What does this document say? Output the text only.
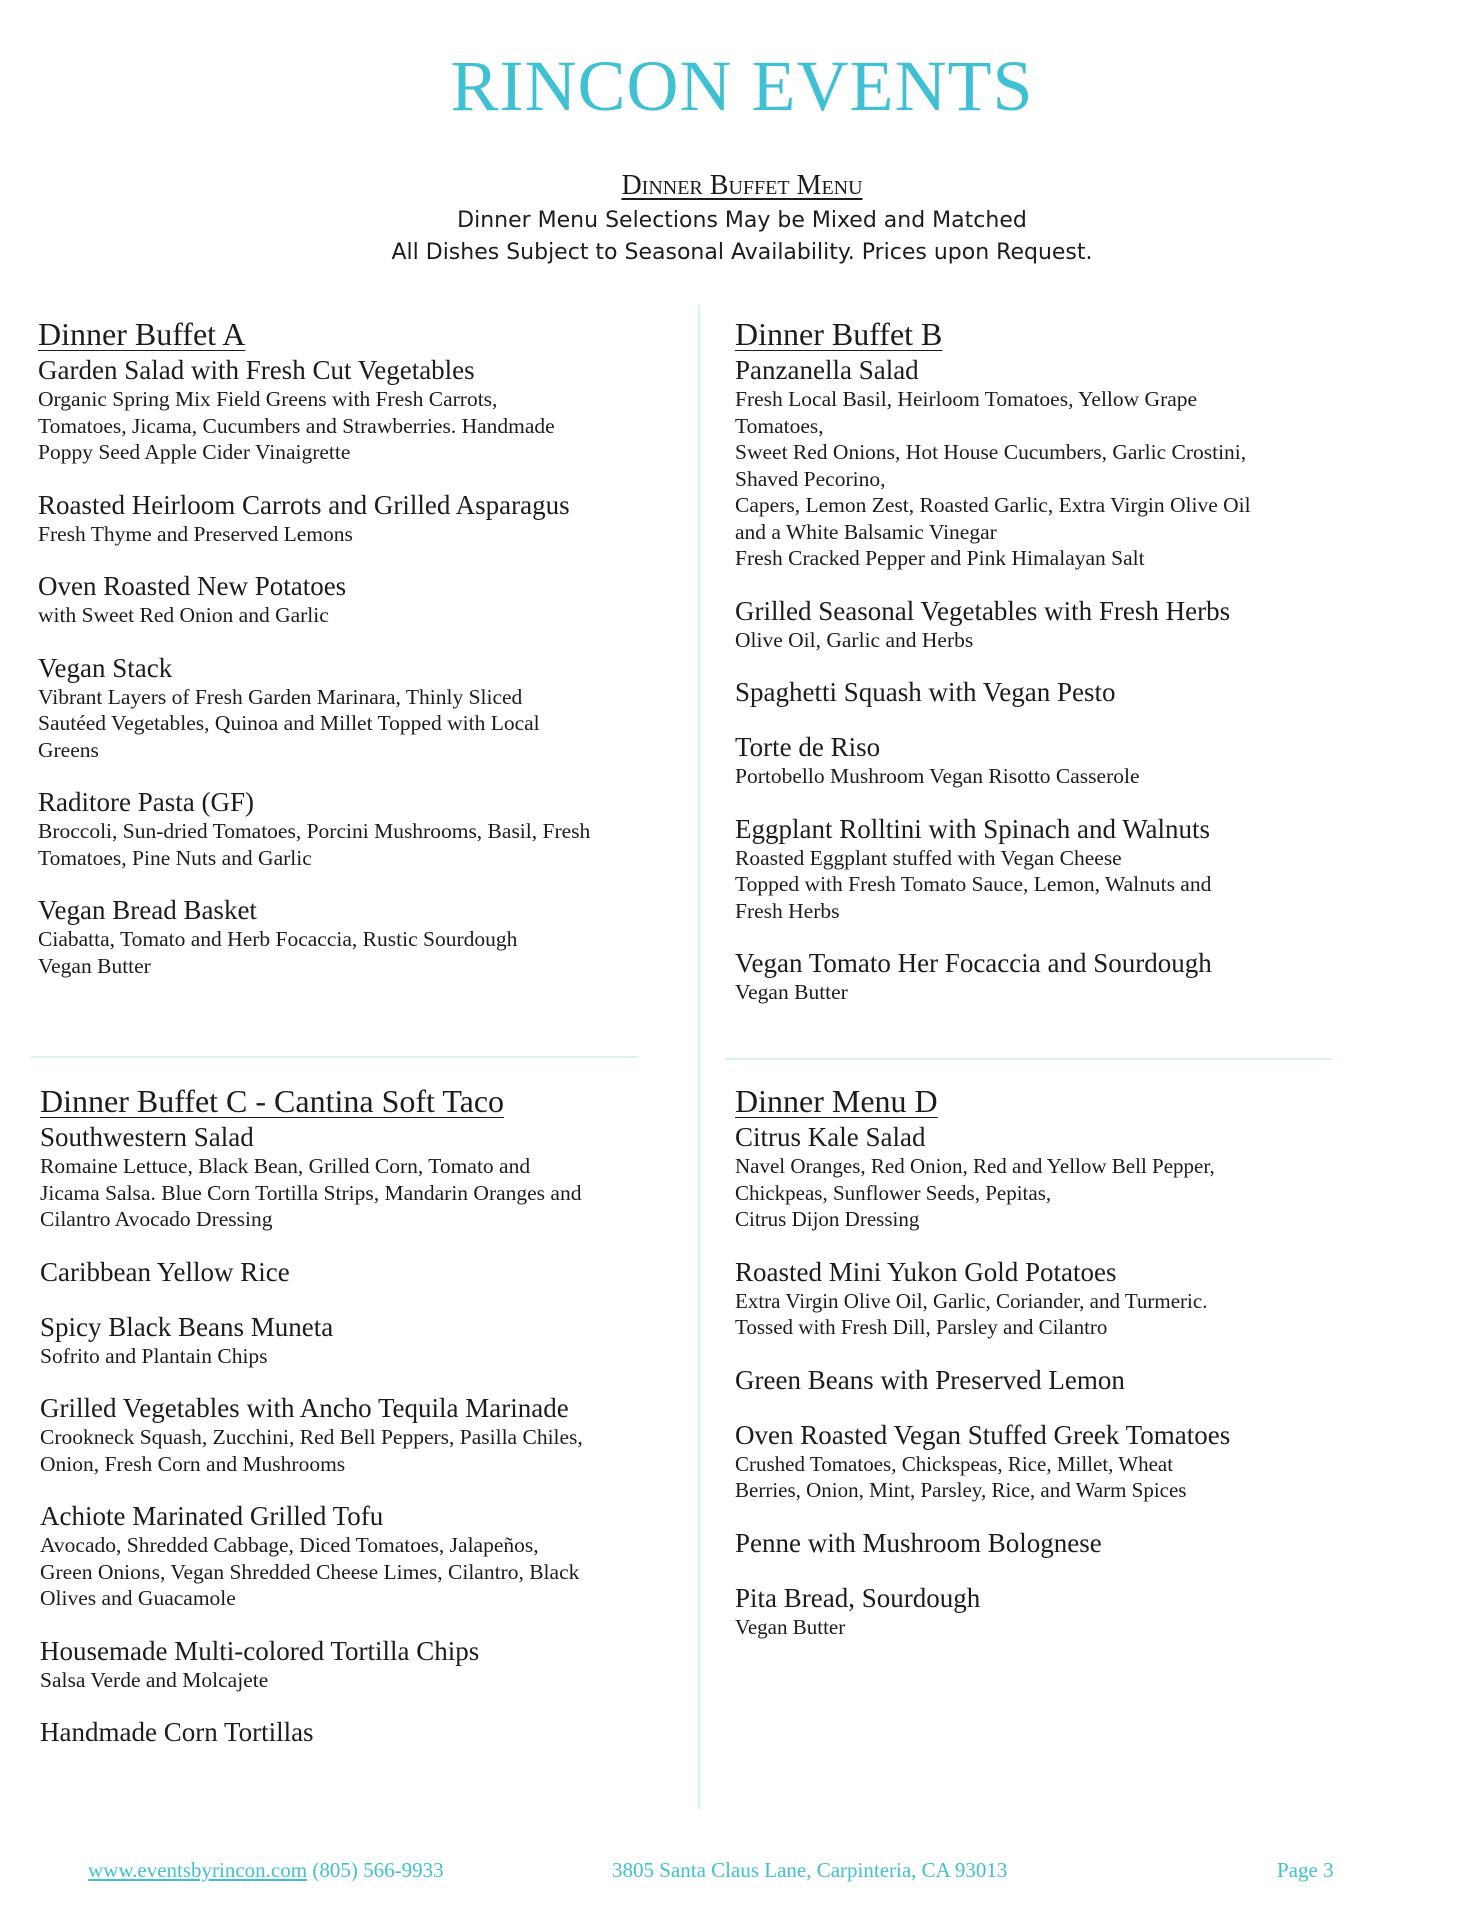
RINCON EVENTS
Dinner Buffet Menu
Dinner Menu Selections May be Mixed and Matched
All Dishes Subject to Seasonal Availability. Prices upon Request.
Dinner Buffet A
Garden Salad with Fresh Cut Vegetables
Organic Spring Mix Field Greens with Fresh Carrots,
Tomatoes, Jicama, Cucumbers and Strawberries. Handmade
Poppy Seed Apple Cider Vinaigrette
Roasted Heirloom Carrots and Grilled Asparagus
Fresh Thyme and Preserved Lemons
Oven Roasted New Potatoes
with Sweet Red Onion and Garlic
Vegan Stack
Vibrant Layers of Fresh Garden Marinara, Thinly Sliced
Sautéed Vegetables, Quinoa and Millet Topped with Local
Greens
Raditore Pasta (GF)
Broccoli, Sun-dried Tomatoes, Porcini Mushrooms, Basil, Fresh
Tomatoes, Pine Nuts and Garlic
Vegan Bread Basket
Ciabatta, Tomato and Herb Focaccia, Rustic Sourdough
Vegan Butter
Dinner Buffet B
Panzanella Salad
Fresh Local Basil, Heirloom Tomatoes, Yellow Grape
Tomatoes,
Sweet Red Onions, Hot House Cucumbers, Garlic Crostini,
Shaved Pecorino,
Capers, Lemon Zest, Roasted Garlic, Extra Virgin Olive Oil
and a White Balsamic Vinegar
Fresh Cracked Pepper and Pink Himalayan Salt
Grilled Seasonal Vegetables with Fresh Herbs
Olive Oil, Garlic and Herbs
Spaghetti Squash with Vegan Pesto
Torte de Riso
Portobello Mushroom Vegan Risotto Casserole
Eggplant Rolltini with Spinach and Walnuts
Roasted Eggplant stuffed with Vegan Cheese
Topped with Fresh Tomato Sauce, Lemon, Walnuts and
Fresh Herbs
Vegan Tomato Her Focaccia and Sourdough
Vegan Butter
Dinner Buffet C - Cantina Soft Taco
Southwestern Salad
Romaine Lettuce, Black Bean, Grilled Corn, Tomato and
Jicama Salsa. Blue Corn Tortilla Strips, Mandarin Oranges and
Cilantro Avocado Dressing
Caribbean Yellow Rice
Spicy Black Beans Muneta
Sofrito and Plantain Chips
Grilled Vegetables with Ancho Tequila Marinade
Crookneck Squash, Zucchini, Red Bell Peppers, Pasilla Chiles,
Onion, Fresh Corn and Mushrooms
Achiote Marinated Grilled Tofu
Avocado, Shredded Cabbage, Diced Tomatoes, Jalapeños,
Green Onions, Vegan Shredded Cheese Limes, Cilantro, Black
Olives and Guacamole
Housemade Multi-colored Tortilla Chips
Salsa Verde and Molcajete
Handmade Corn Tortillas
Dinner Menu D
Citrus Kale Salad
Navel Oranges, Red Onion, Red and Yellow Bell Pepper,
Chickpeas, Sunflower Seeds, Pepitas,
Citrus Dijon Dressing
Roasted Mini Yukon Gold Potatoes
Extra Virgin Olive Oil, Garlic, Coriander, and Turmeric.
Tossed with Fresh Dill, Parsley and Cilantro
Green Beans with Preserved Lemon
Oven Roasted Vegan Stuffed Greek Tomatoes
Crushed Tomatoes, Chickspeas, Rice, Millet, Wheat
Berries, Onion, Mint, Parsley, Rice, and Warm Spices
Penne with Mushroom Bolognese
Pita Bread, Sourdough
Vegan Butter
www.eventsbyrincon.com (805) 566-9933	3805 Santa Claus Lane, Carpinteria, CA 93013	Page 3
